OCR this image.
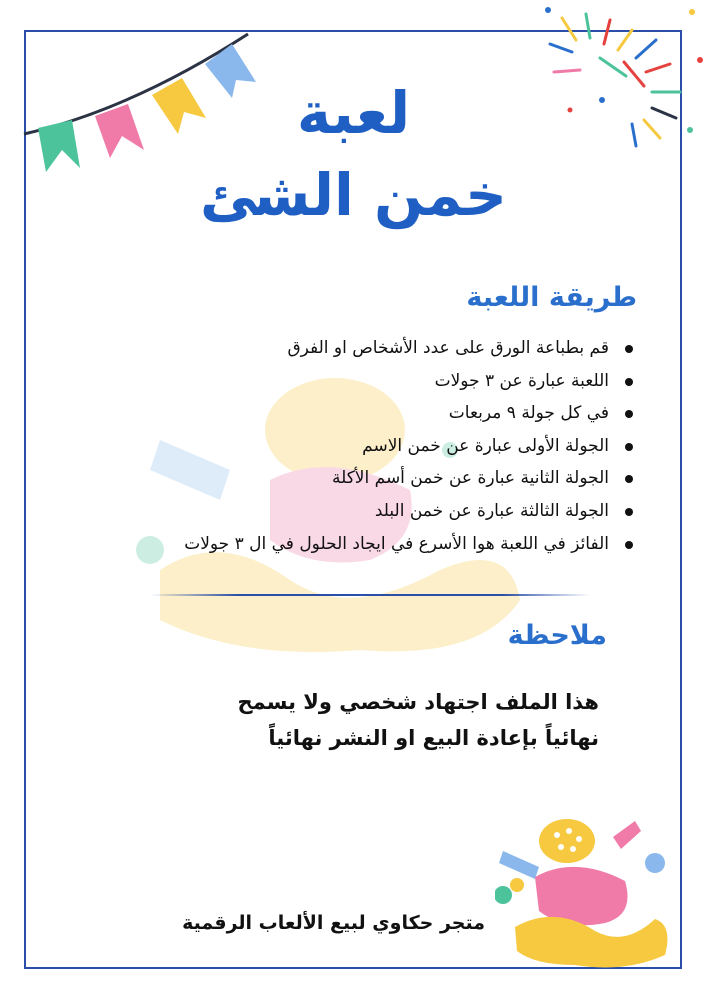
لعبة
خمن الشئ
طريقة اللعبة
قم بطباعة الورق على عدد الأشخاص او الفرق
اللعبة عبارة عن ٣ جولات
في كل جولة ٩ مربعات
الجولة الأولى عبارة عن خمن الاسم
الجولة الثانية عبارة عن خمن أسم الأكلة
الجولة الثالثة عبارة عن خمن البلد
الفائز في اللعبة هوا الأسرع في ايجاد الحلول في ال ٣ جولات
ملاحظة
هذا الملف اجتهاد شخصي ولا يسمح
نهائياً بإعادة البيع او النشر نهائياً
متجر حكاوي لبيع الألعاب الرقمية
